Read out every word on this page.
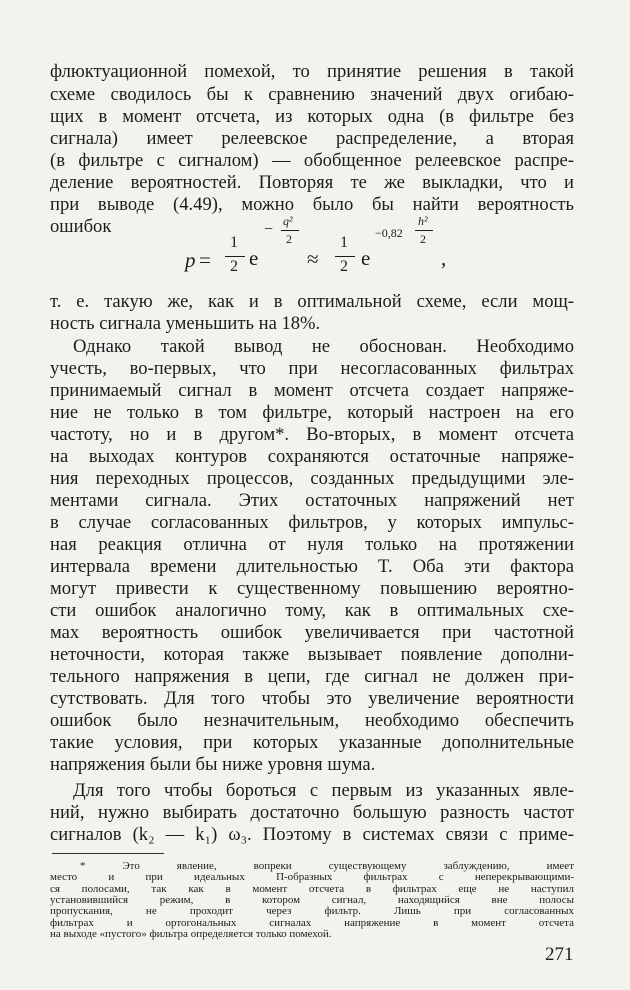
флюктуационной помехой, то принятие решения в такой
схеме сводилось бы к сравнению значений двух огибаю-
щих в момент отсчета, из которых одна (в фильтре без
сигнала) имеет релеевское распределение, а вторая
(в фильтре с сигналом) — обобщенное релеевское распре-
деление вероятностей. Повторяя те же выкладки, что и
при выводе (4.49), можно было бы найти вероятность
ошибок
p =
1
2 e
− q²
2
≈
1
2 e
−0,82
h²
2
,
т. е. такую же, как и в оптимальной схеме, если мощ-
ность сигнала уменьшить на 18%.
Однако такой вывод не обоснован. Необходимо
учесть, во-первых, что при несогласованных фильтрах
принимаемый сигнал в момент отсчета создает напряже-
ние не только в том фильтре, который настроен на его
частоту, но и в другом*. Во-вторых, в момент отсчета
на выходах контуров сохраняются остаточные напряже-
ния переходных процессов, созданных предыдущими эле-
ментами сигнала. Этих остаточных напряжений нет
в случае согласованных фильтров, у которых импульс-
ная реакция отлична от нуля только на протяжении
интервала времени длительностью T. Оба эти фактора
могут привести к существенному повышению вероятно-
сти ошибок аналогично тому, как в оптимальных схе-
мах вероятность ошибок увеличивается при частотной
неточности, которая также вызывает появление дополни-
тельного напряжения в цепи, где сигнал не должен при-
сутствовать. Для того чтобы это увеличение вероятности
ошибок было незначительным, необходимо обеспечить
такие условия, при которых указанные дополнительные
напряжения были бы ниже уровня шума.
Для того чтобы бороться с первым из указанных явле-
ний, нужно выбирать достаточно большую разность частот
сигналов (k₂ — k₁) ω₃. Поэтому в системах связи с приме-
* Это явление, вопреки существующему заблуждению, имеет
место и при идеальных П-образных фильтрах с неперекрывающими-
ся полосами, так как в момент отсчета в фильтрах еще не наступил
установившийся режим, в котором сигнал, находящийся вне полосы
пропускания, не проходит через фильтр. Лишь при согласованных
фильтрах и ортогональных сигналах напряжение в момент отсчета
на выходе «пустого» фильтра определяется только помехой.
271
